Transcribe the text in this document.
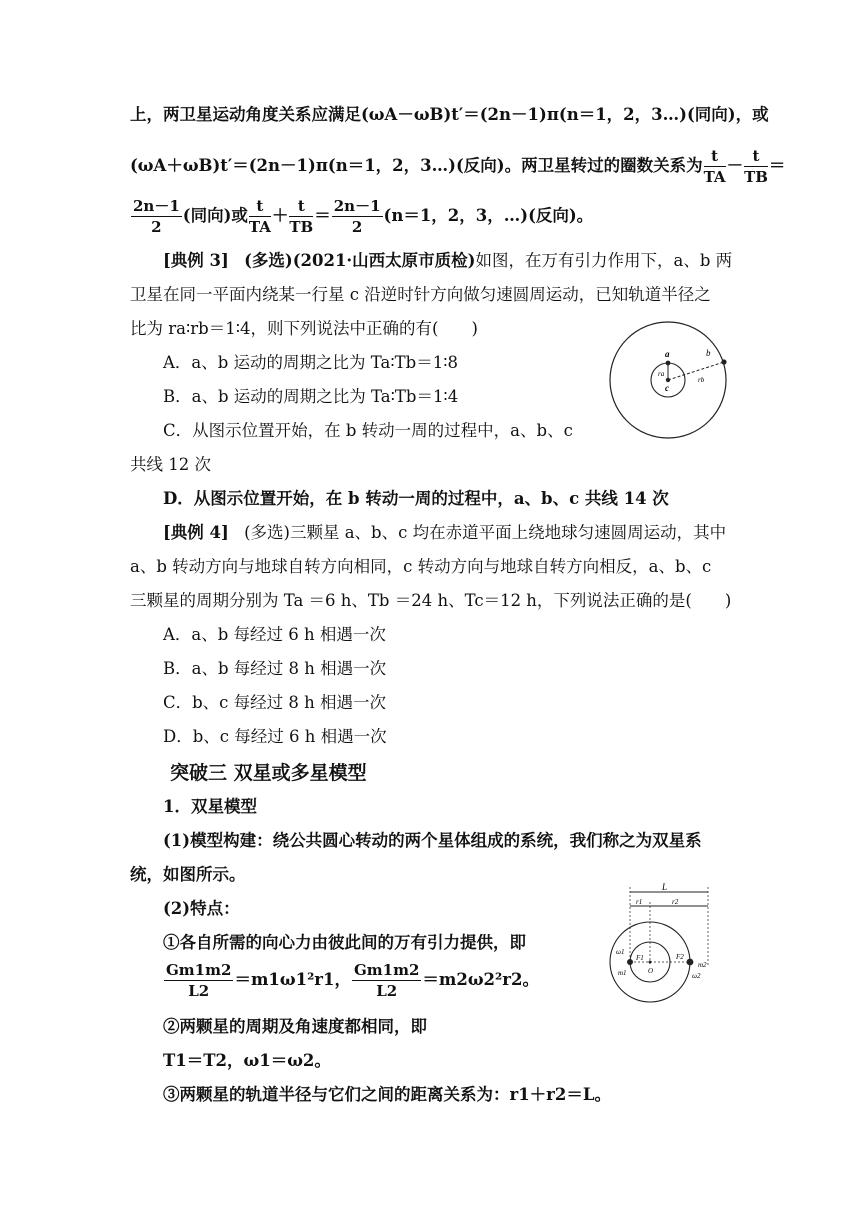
上，两卫星运动角度关系应满足(ωA－ωB)t′＝(2n－1)π(n＝1，2，3…)(同向)，或
(ωA＋ωB)t′＝(2n－1)π(n＝1，2，3…)(反向)。两卫星转过的圈数关系为 $\frac{t}{TA} - \frac{t}{TB}$ ＝
$\frac{2n-1}{2}$ (同向)或 $\frac{t}{TA} + \frac{t}{TB} = \frac{2n-1}{2} (n=1$，2，3，…)(反向)。
[典例 3] (多选)(2021·山西太原市质检)如图，在万有引力作用下，a、b 两
卫星在同一平面内绕某一行星 c 沿逆时针方向做匀速圆周运动，已知轨道半径之
比为 ra∶rb＝1∶4，则下列说法中正确的有(　　)
A．a、b 运动的周期之比为 Ta∶Tb＝1∶8
B．a、b 运动的周期之比为 Ta∶Tb＝1∶4
C．从图示位置开始，在 b 转动一周的过程中，a、b、c
共线 12 次
D．从图示位置开始，在 b 转动一周的过程中，a、b、c 共线 14 次
a	b
c
ra
rb
[典例 4] (多选)三颗星 a、b、c 均在赤道平面上绕地球匀速圆周运动，其中
a、b 转动方向与地球自转方向相同，c 转动方向与地球自转方向相反，a、b、c
三颗星的周期分别为 Ta ＝6 h、Tb ＝24 h、Tc＝12 h，下列说法正确的是(　　)
A．a、b 每经过 6 h 相遇一次
B．a、b 每经过 8 h 相遇一次
C．b、c 每经过 8 h 相遇一次
D．b、c 每经过 6 h 相遇一次
突破三 双星或多星模型
1．双星模型
(1)模型构建：绕公共圆心转动的两个星体组成的系统，我们称之为双星系
统，如图所示。
(2)特点：
①各自所需的向心力由彼此间的万有引力提供，即
$\frac{Gm1m2}{L2} =m1\omega 1^2r1$， $\frac{Gm1m2}{L2} =m2\omega 2^2r2$。
②两颗星的周期及角速度都相同，即
T1＝T2，ω1＝ω2。
③两颗星的轨道半径与它们之间的距离关系为：r1＋r2＝L。
L
r1	r2
ω1
m1
F1
O
F2
m2
ω2
